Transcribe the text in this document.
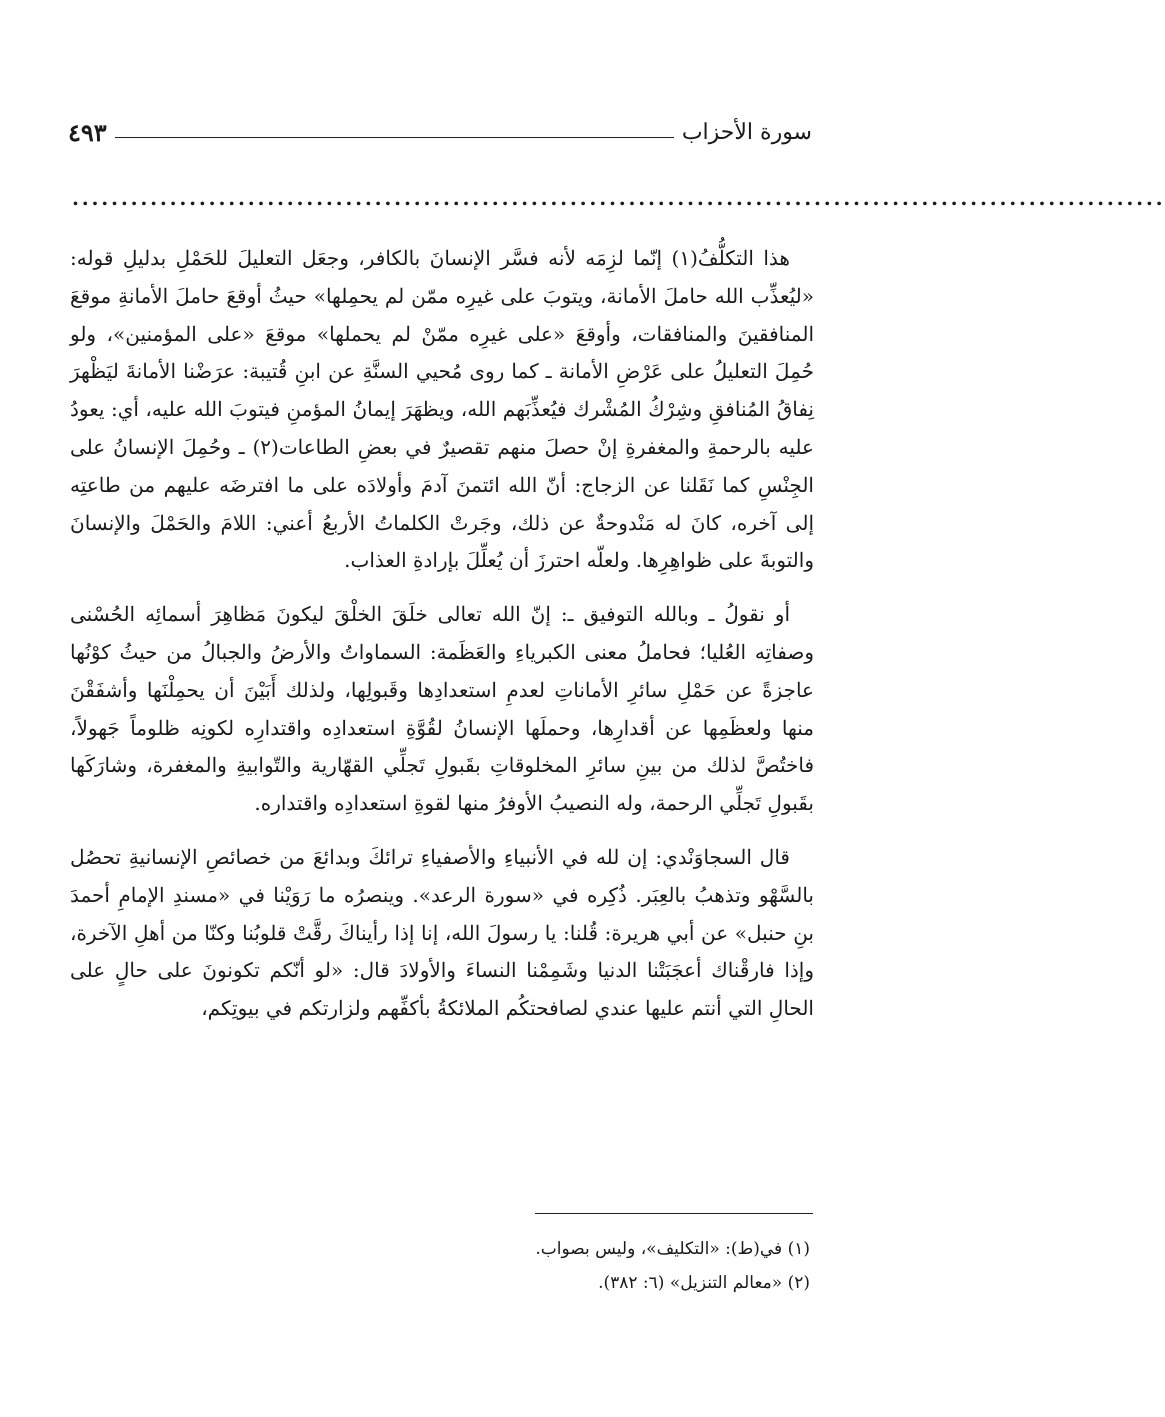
سورة الأحزاب
٤٩٣
................................................................................................................

هذا التكلُّفُ(١) إنّما لزِمَه لأنه فسَّر الإنسانَ بالكافر، وجعَل التعليلَ للحَمْلِ بدليلِ قوله: «ليُعذِّب الله حاملَ الأمانة، ويتوبَ على غيرِه ممّن لم يحمِلها» حيثُ أوقعَ حاملَ الأمانةِ موقعَ المنافقينَ والمنافقات، وأوقعَ «على غيرِه ممّنْ لم يحملها» موقعَ «على المؤمنين»، ولو حُمِلَ التعليلُ على عَرْضِ الأمانة ـ كما روى مُحيي السنَّةِ عن ابنِ قُتيبة: عرَضْنا الأمانةَ ليَظْهرَ نِفاقُ المُنافقِ وشِرْكُ المُشْرك فيُعذِّبَهم الله، ويظهَرَ إيمانُ المؤمنِ فيتوبَ الله عليه، أي: يعودُ عليه بالرحمةِ والمغفرةِ إنْ حصلَ منهم تقصيرٌ في بعضِ الطاعات(٢) ـ وحُمِلَ الإنسانُ على الجِنْسِ كما نَقَلنا عن الزجاج: أنّ الله ائتمنَ آدمَ وأولادَه على ما افترضَه عليهم من طاعتِه إلى آخره، كانَ له مَنْدوحةٌ عن ذلك، وجَرتْ الكلماتُ الأربعُ أعني: اللامَ والحَمْلَ والإنسانَ والتوبةَ على ظواهِرِها. ولعلّه احترزَ أن يُعلِّلَ بإرادةِ العذاب.

أو نقولُ ـ وبالله التوفيق ـ: إنّ الله تعالى خلَقَ الخلْقَ ليكونَ مَظاهِرَ أسمائِه الحُسْنى وصفاتِه العُليا؛ فحاملُ معنى الكبرياءِ والعَظَمة: السماواتُ والأرضُ والجبالُ من حيثُ كوْنُها عاجزةً عن حَمْلِ سائرِ الأماناتِ لعدمِ استعدادِها وقَبولِها، ولذلك أَبَيْنَ أن يحمِلْنَها وأشفَقْنَ منها ولعظَمِها عن أقدارِها، وحملَها الإنسانُ لقُوَّةِ استعدادِه واقتدارِه لكونِه ظلوماً جَهولاً، فاختُصَّ لذلك من بينِ سائرِ المخلوقاتِ بقَبولِ تَجلِّي القهّارية والتّوابيةِ والمغفرة، وشارَكَها بقَبولِ تَجلِّي الرحمة، وله النصيبُ الأوفرُ منها لقوةِ استعدادِه واقتداره.

قال السجاوَنْدي: إن لله في الأنبياءِ والأصفياءِ ترائكَ وبدائعَ من خصائصِ الإنسانيةِ تحصُل بالسَّهْو وتذهبُ بالعِبَر. ذُكِره في «سورة الرعد». وينصرُه ما رَوَيْنا في «مسندِ الإمامِ أحمدَ بنِ حنبل» عن أبي هريرة: قُلنا: يا رسولَ الله، إنا إذا رأيناكَ رقَّتْ قلوبُنا وكنّا من أهلِ الآخرة، وإذا فارقْناك أعجَبَتْنا الدنيا وشَمِمْنا النساءَ والأولادَ قال: «لو أنّكم تكونونَ على حالٍ على الحالِ التي أنتم عليها عندي لصافحتكُم الملائكةُ بأكفِّهم ولزارتكم في بيوتِكم،

(١) في(ط): «التكليف»، وليس بصواب.

(٢) «معالم التنزيل» (٦: ٣٨٢).
